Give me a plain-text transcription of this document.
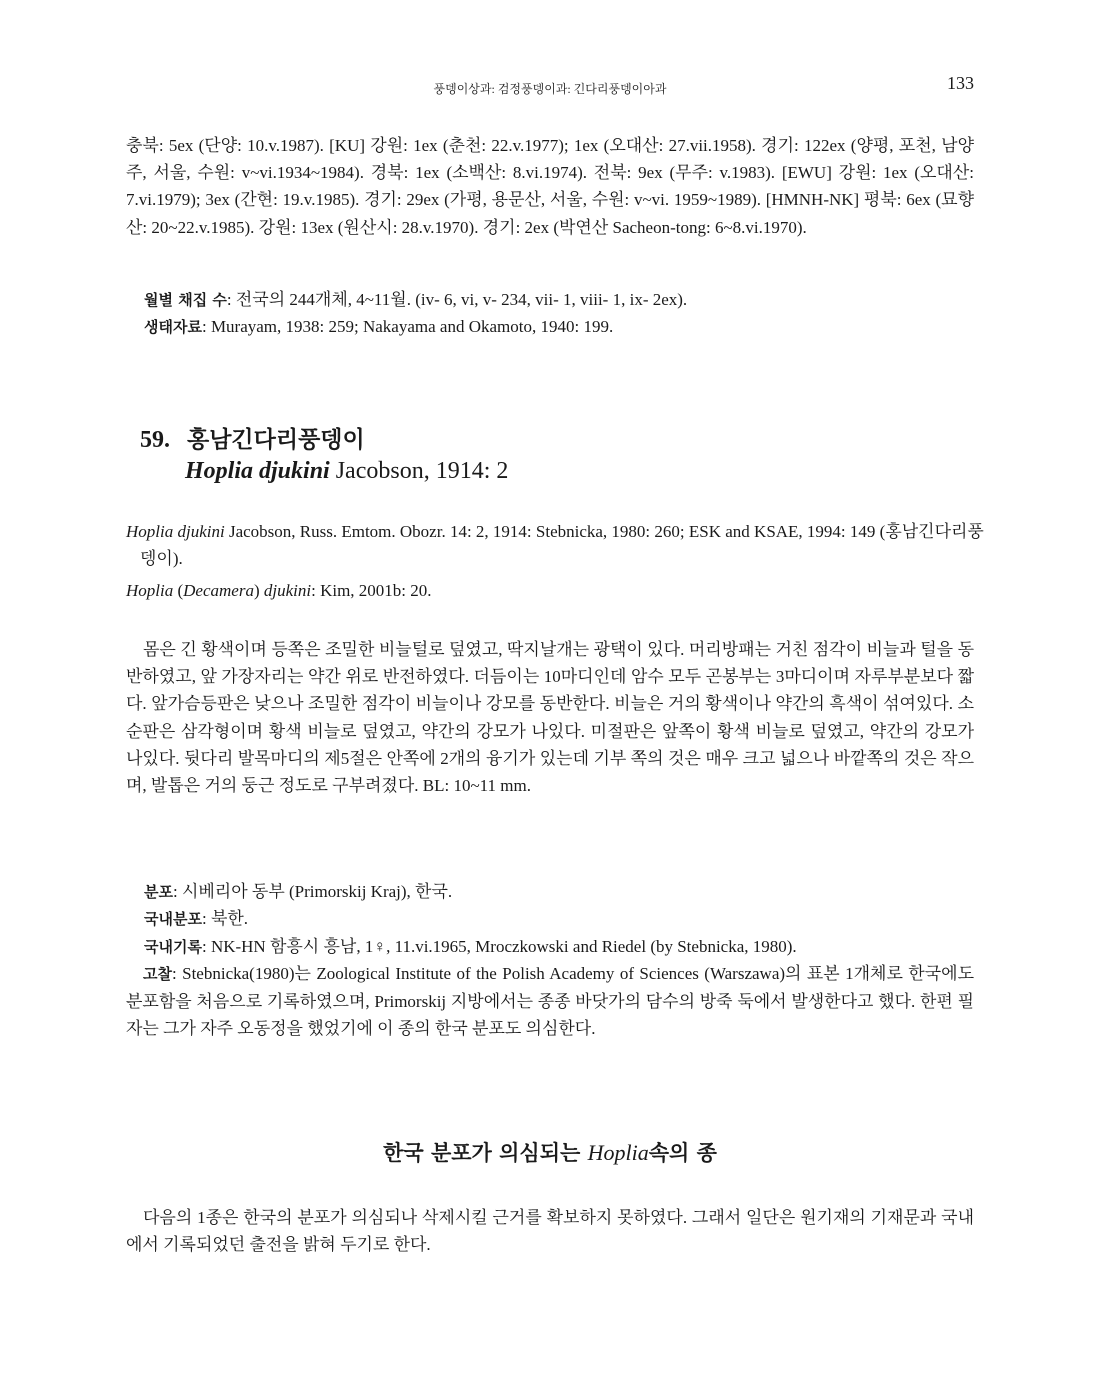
풍뎅이상과: 검정풍뎅이과: 긴다리풍뎅이아과	133

충북: 5ex (단양: 10.v.1987). [KU] 강원: 1ex (춘천: 22.v.1977); 1ex (오대산: 27.vii.1958). 경기: 122ex (양평, 포천, 남양주, 서울, 수원: v~vi.1934~1984). 경북: 1ex (소백산: 8.vi.1974). 전북: 9ex (무주: v.1983). [EWU] 강원: 1ex (오대산: 7.vi.1979); 3ex (간현: 19.v.1985). 경기: 29ex (가평, 용문산, 서울, 수원: v~vi. 1959~1989). [HMNH-NK] 평북: 6ex (묘향산: 20~22.v.1985). 강원: 13ex (원산시: 28.v.1970). 경기: 2ex (박연산 Sacheon-tong: 6~8.vi.1970).

월별 채집 수: 전국의 244개체, 4~11월. (iv- 6, vi, v- 234, vii- 1, viii- 1, ix- 2ex).

생태자료: Murayam, 1938: 259; Nakayama and Okamoto, 1940: 199.

59. 홍남긴다리풍뎅이
Hoplia djukini Jacobson, 1914: 2

Hoplia djukini Jacobson, Russ. Emtom. Obozr. 14: 2, 1914: Stebnicka, 1980: 260; ESK and KSAE, 1994: 149 (홍남긴다리풍뎅이).

Hoplia (Decamera) djukini: Kim, 2001b: 20.

몸은 긴 황색이며 등쪽은 조밀한 비늘털로 덮였고, 딱지날개는 광택이 있다. 머리방패는 거친 점각이 비늘과 털을 동반하였고, 앞 가장자리는 약간 위로 반전하였다. 더듬이는 10마디인데 암수 모두 곤봉부는 3마디이며 자루부분보다 짧다. 앞가슴등판은 낮으나 조밀한 점각이 비늘이나 강모를 동반한다. 비늘은 거의 황색이나 약간의 흑색이 섞여있다. 소순판은 삼각형이며 황색 비늘로 덮였고, 약간의 강모가 나있다. 미절판은 앞쪽이 황색 비늘로 덮였고, 약간의 강모가 나있다. 뒷다리 발목마디의 제5절은 안쪽에 2개의 융기가 있는데 기부 쪽의 것은 매우 크고 넓으나 바깥쪽의 것은 작으며, 발톱은 거의 둥근 정도로 구부려졌다. BL: 10~11 mm.

분포: 시베리아 동부 (Primorskij Kraj), 한국.

국내분포: 북한.

국내기록: NK-HN 함흥시 흥남, 1♀, 11.vi.1965, Mroczkowski and Riedel (by Stebnicka, 1980).

고찰: Stebnicka(1980)는 Zoological Institute of the Polish Academy of Sciences (Warszawa)의 표본 1개체로 한국에도 분포함을 처음으로 기록하였으며, Primorskij 지방에서는 종종 바닷가의 담수의 방죽 둑에서 발생한다고 했다. 한편 필자는 그가 자주 오동정을 했었기에 이 종의 한국 분포도 의심한다.

한국 분포가 의심되는 Hoplia속의 종

다음의 1종은 한국의 분포가 의심되나 삭제시킬 근거를 확보하지 못하였다. 그래서 일단은 원기재의 기재문과 국내에서 기록되었던 출전을 밝혀 두기로 한다.
